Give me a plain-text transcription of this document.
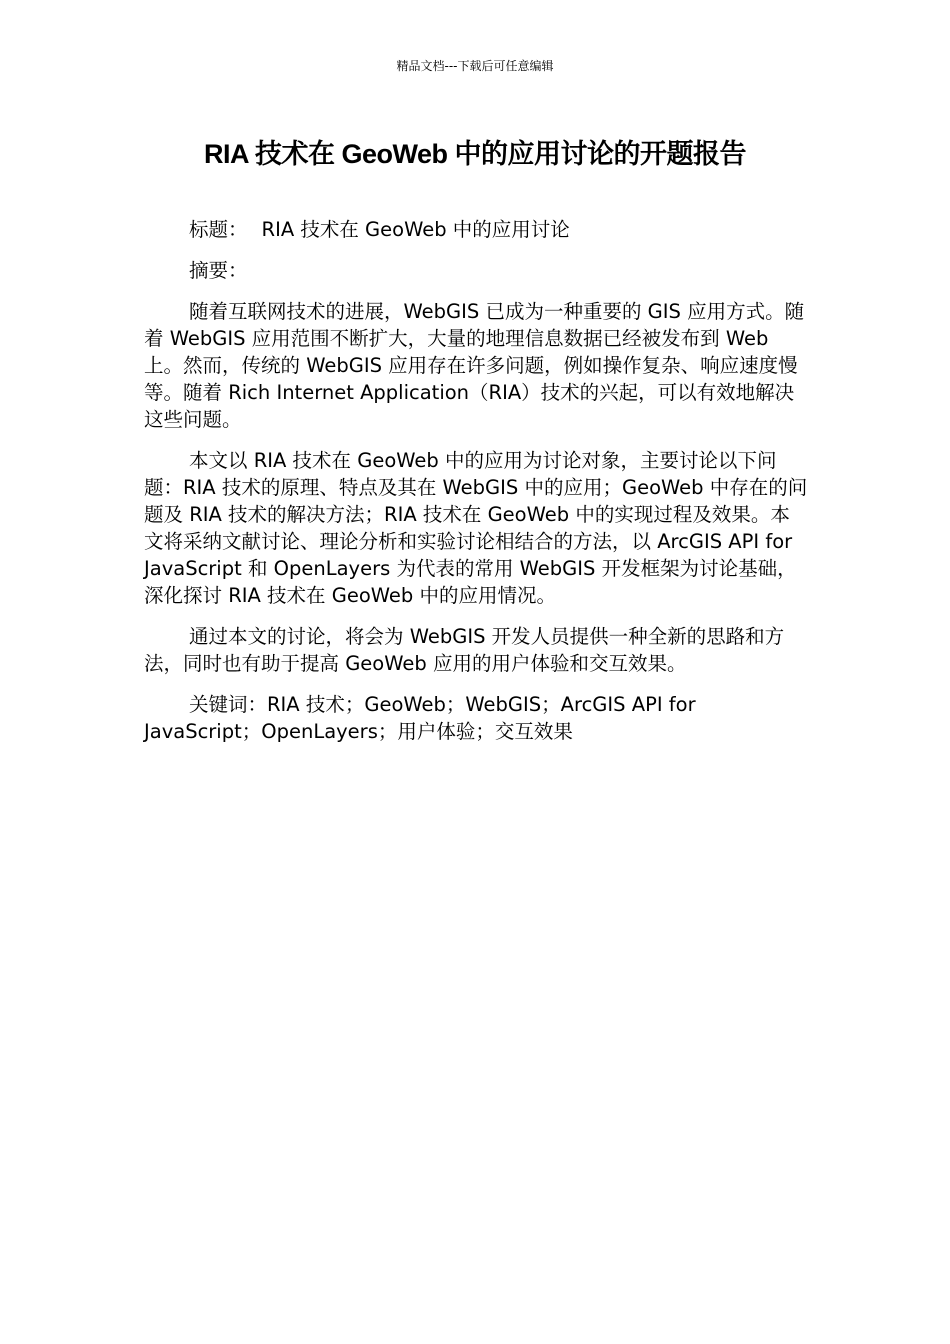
精品文档---下载后可任意编辑
RIA 技术在 GeoWeb 中的应用讨论的开题报告

标题： RIA 技术在 GeoWeb 中的应用讨论

摘要：

随着互联网技术的进展，WebGIS 已成为一种重要的 GIS 应用方式。随着 WebGIS 应用范围不断扩大，大量的地理信息数据已经被发布到 Web 上。然而，传统的 WebGIS 应用存在许多问题，例如操作复杂、响应速度慢等。随着 Rich Internet Application（RIA）技术的兴起，可以有效地解决这些问题。

本文以 RIA 技术在 GeoWeb 中的应用为讨论对象，主要讨论以下问题：RIA 技术的原理、特点及其在 WebGIS 中的应用；GeoWeb 中存在的问题及 RIA 技术的解决方法；RIA 技术在 GeoWeb 中的实现过程及效果。本文将采纳文献讨论、理论分析和实验讨论相结合的方法，以 ArcGIS API for JavaScript 和 OpenLayers 为代表的常用 WebGIS 开发框架为讨论基础，深化探讨 RIA 技术在 GeoWeb 中的应用情况。

通过本文的讨论，将会为 WebGIS 开发人员提供一种全新的思路和方法，同时也有助于提高 GeoWeb 应用的用户体验和交互效果。

关键词：RIA 技术；GeoWeb；WebGIS；ArcGIS API for JavaScript；OpenLayers；用户体验；交互效果
